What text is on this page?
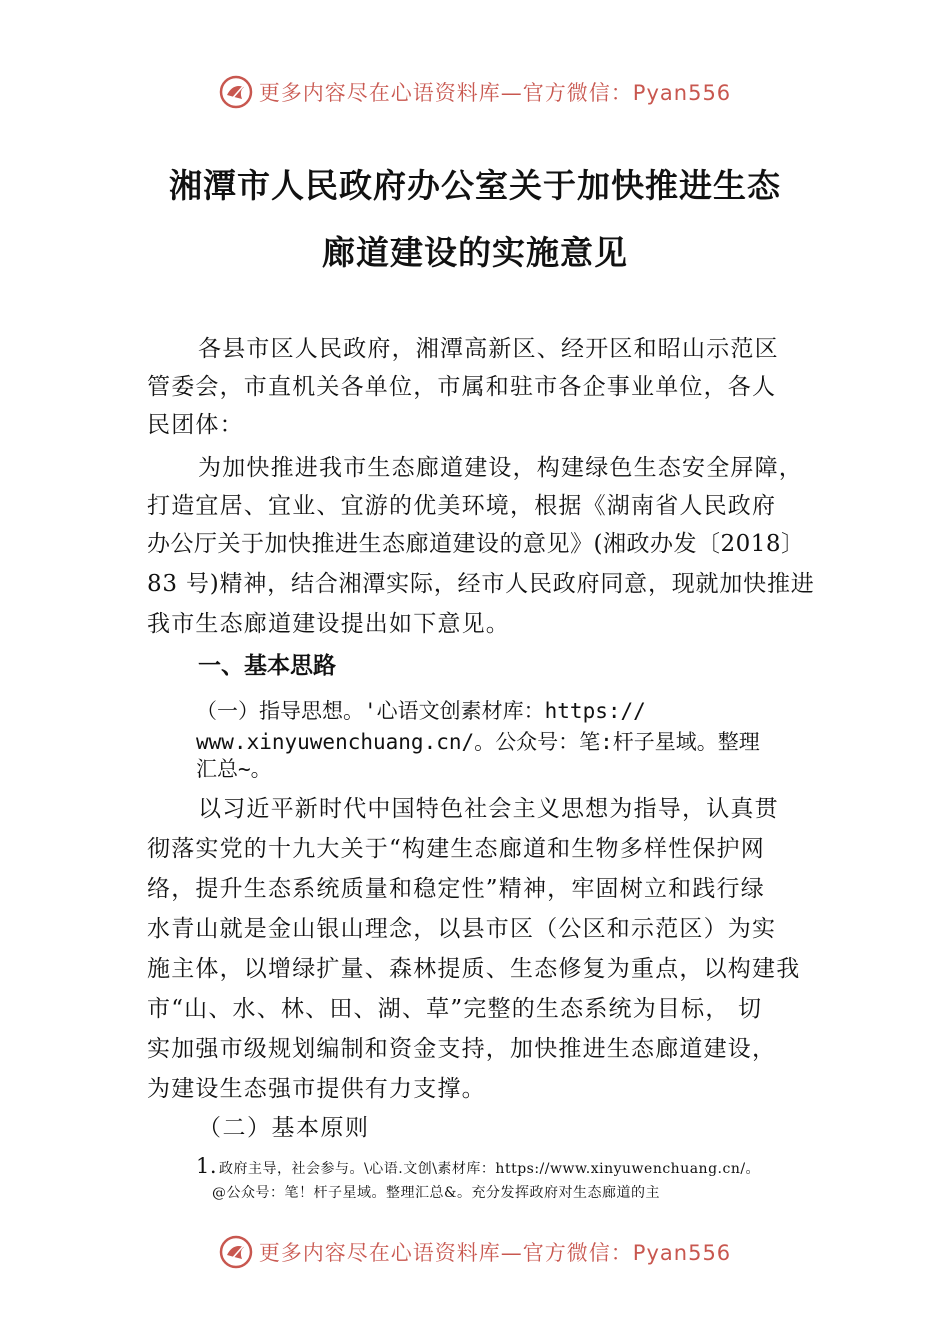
更多内容尽在心语资料库—官方微信：Pyan556
湘潭市人民政府办公室关于加快推进生态
廊道建设的实施意见
各县市区人民政府，湘潭高新区、经开区和昭山示范区
管委会，市直机关各单位，市属和驻市各企事业单位，各人
民团体：
为加快推进我市生态廊道建设，构建绿色生态安全屏障，
打造宜居、宜业、宜游的优美环境，根据《湖南省人民政府
办公厅关于加快推进生态廊道建设的意见》(湘政办发〔2018〕
83 号)精神，结合湘潭实际，经市人民政府同意，现就加快推进
我市生态廊道建设提出如下意见。
一、基本思路
（一）指导思想。'心语文创素材库：https://
www.xinyuwenchuang.cn/。公众号：笔:杆子星域。整理
汇总~。
以习近平新时代中国特色社会主义思想为指导，认真贯
彻落实党的十九大关于“构建生态廊道和生物多样性保护网
络，提升生态系统质量和稳定性”精神，牢固树立和践行绿
水青山就是金山银山理念，以县市区（公区和示范区）为实
施主体，以增绿扩量、森林提质、生态修复为重点，以构建我
市“山、水、林、田、湖、草”完整的生态系统为目标， 切
实加强市级规划编制和资金支持，加快推进生态廊道建设，
为建设生态强市提供有力支撑。
（二）基本原则
1. 政府主导，社会参与。\心语.文创\素材库：https://www.xinyuwenchuang.cn/。
@公众号：笔！杆子星域。整理汇总&。充分发挥政府对生态廊道的主
更多内容尽在心语资料库—官方微信：Pyan556
